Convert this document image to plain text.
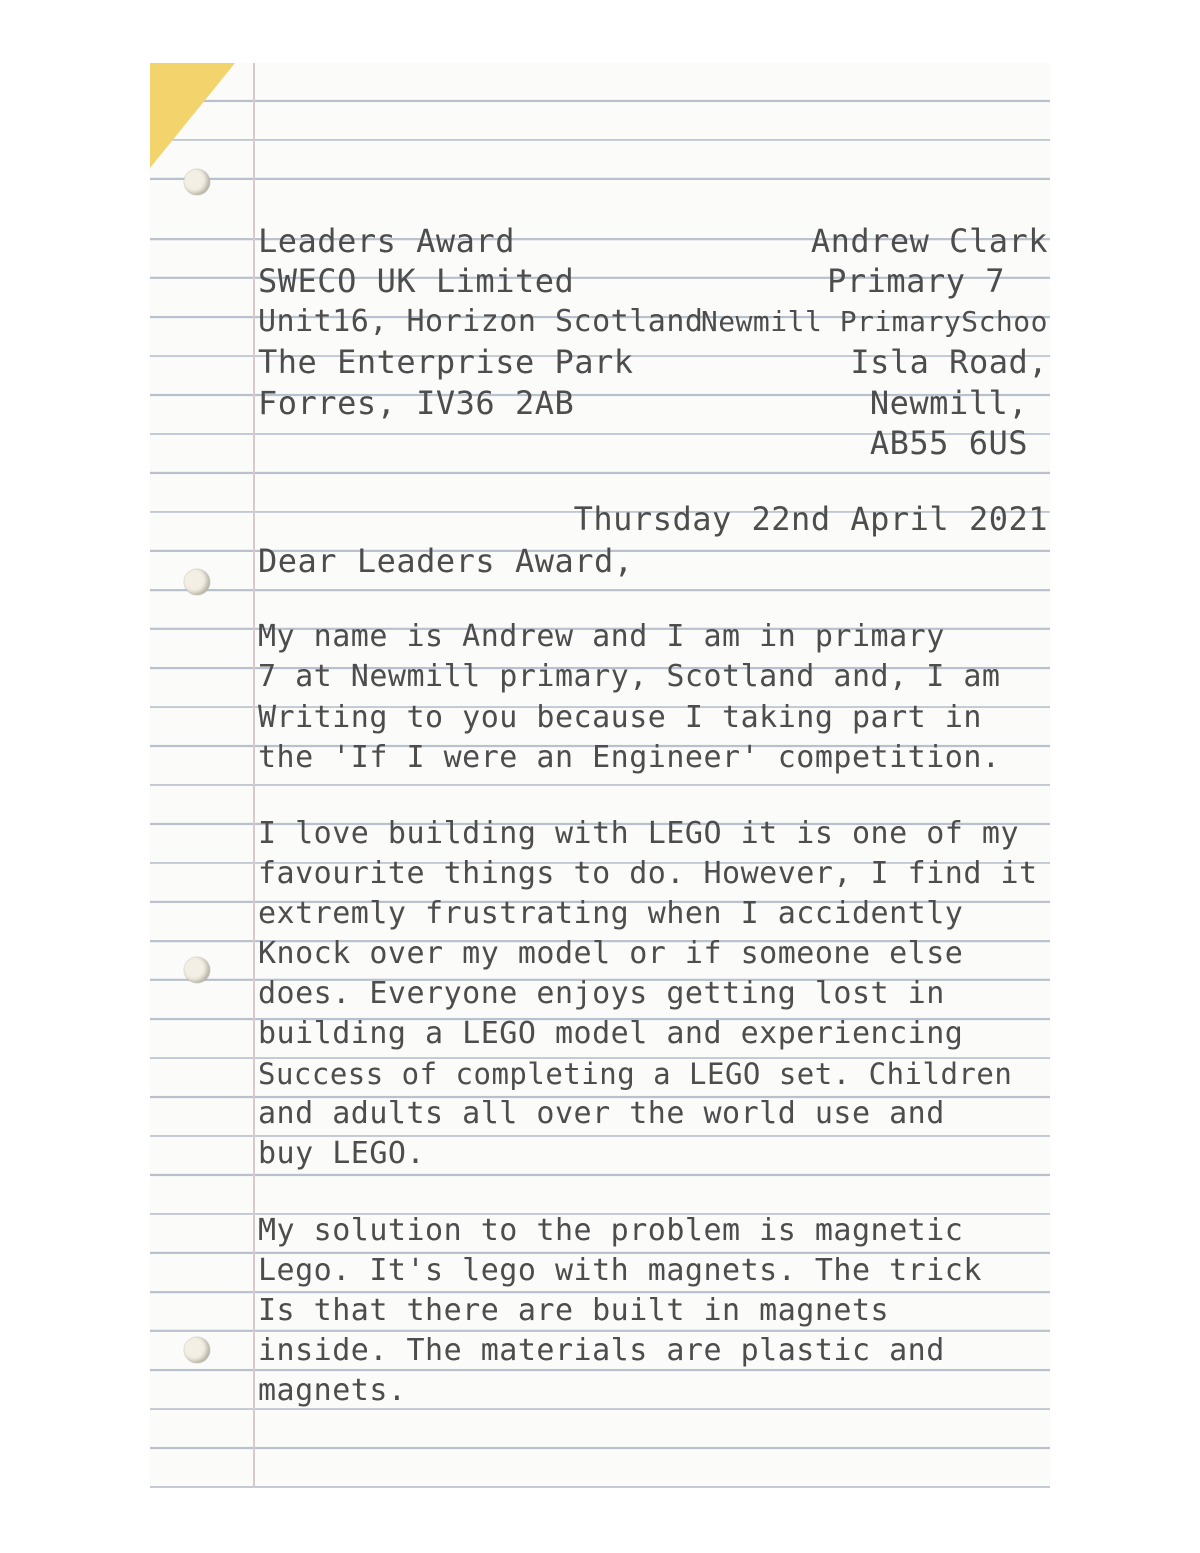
Leaders Award

SWECO UK Limited

Unit16, Horizon Scotland

The Enterprise Park

Forres, IV36 2AB

Andrew Clark

Primary 7

Newmill PrimarySchoo

Isla Road,

Newmill,

AB55 6US

Thursday 22nd April 2021

Dear Leaders Award,

My name is Andrew and I am in primary

7 at Newmill primary, Scotland and, I am

Writing to you because I taking part in

the 'If I were an Engineer' competition.

I love building with LEGO it is one of my

favourite things to do. However, I find it

extremly frustrating when I accidently

Knock over my model or if someone else

does. Everyone enjoys getting lost in

building a LEGO model and experiencing

Success of completing a LEGO set. Children

and adults all over the world use and

buy LEGO.

My solution to the problem is magnetic

Lego. It's lego with magnets. The trick

Is that there are built in magnets

inside. The materials are plastic and

magnets.
